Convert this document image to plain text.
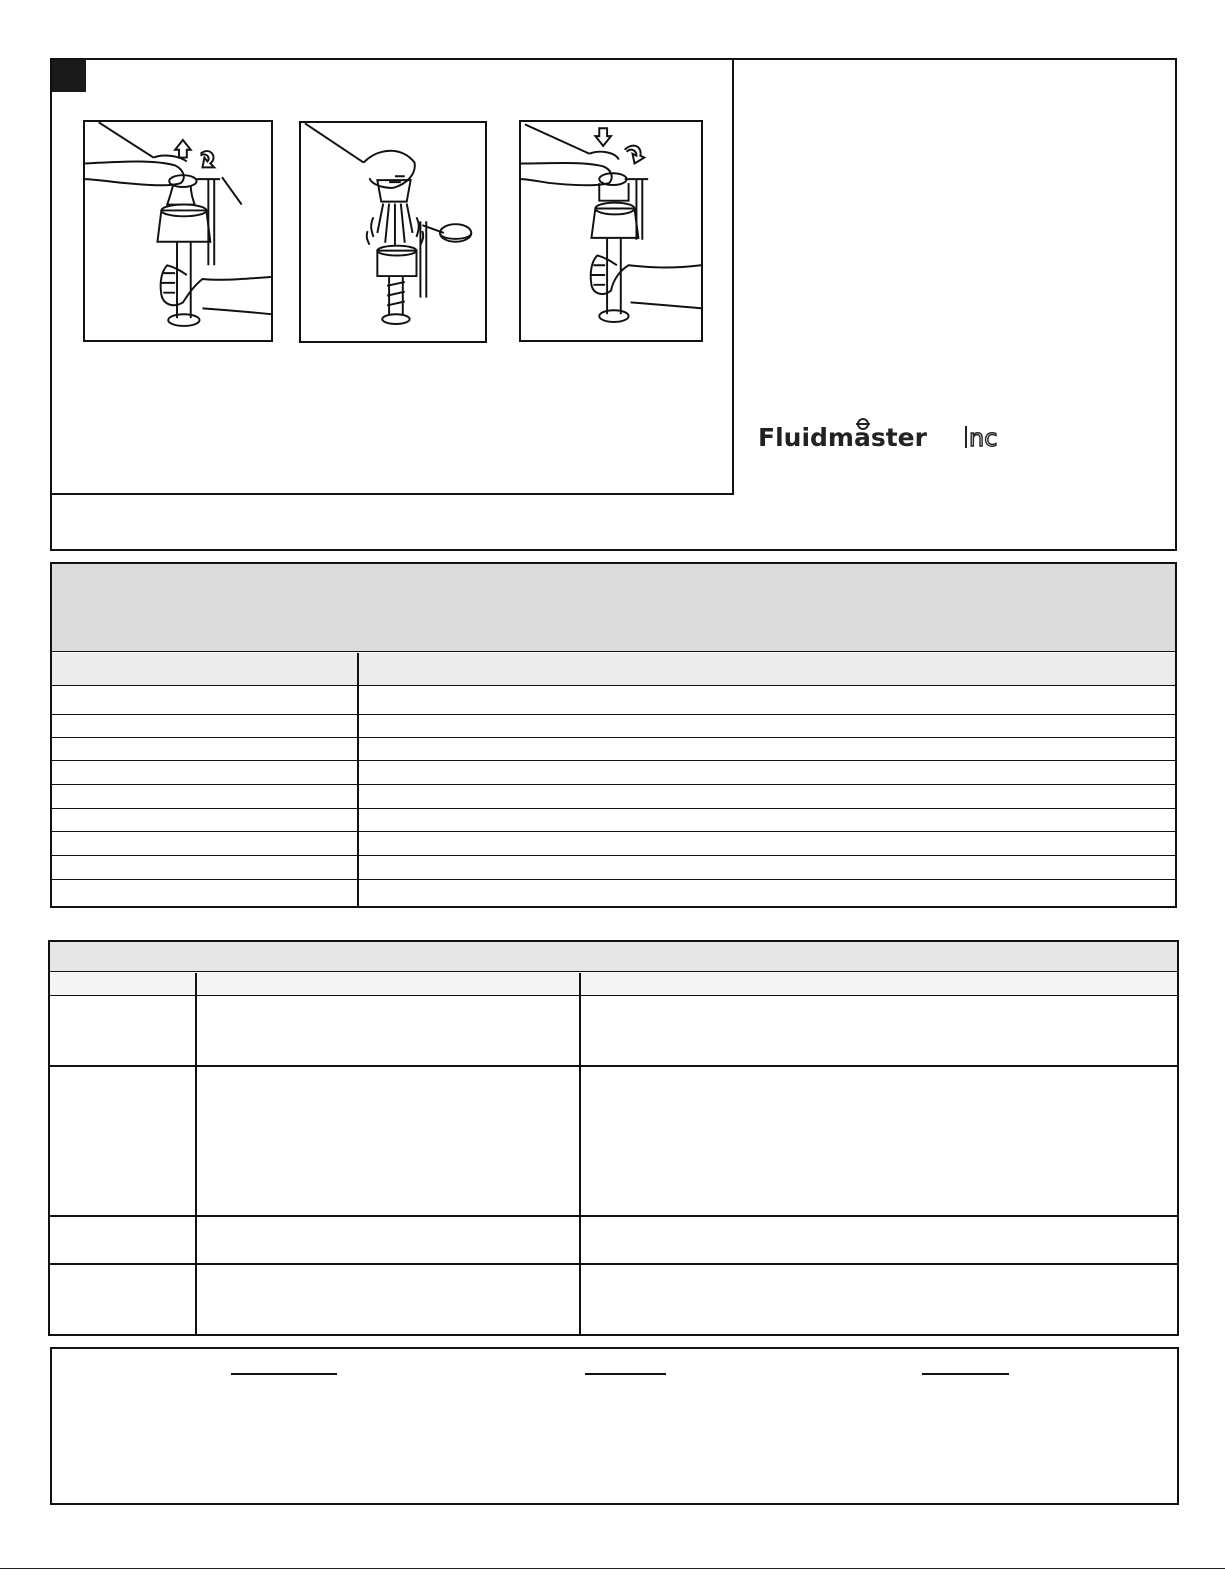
Fluidmaster nc
